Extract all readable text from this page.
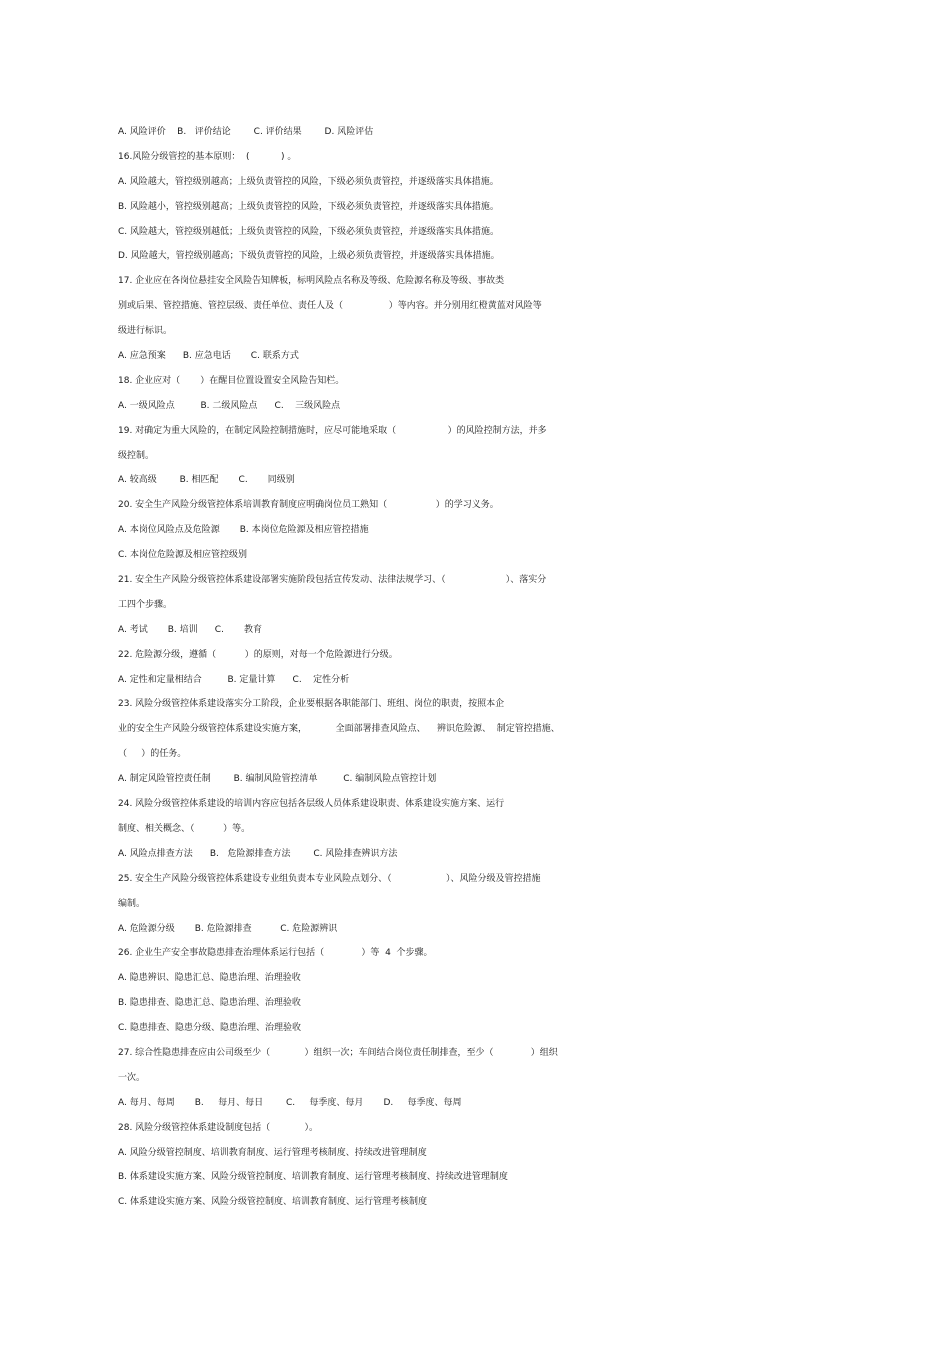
A. 风险评价    B.   评价结论        C. 评价结果        D. 风险评估
16.风险分级管控的基本原则：  (           ) 。
A. 风险越大，管控级别越高；上级负责管控的风险，下级必须负责管控，并逐级落实具体措施。
B. 风险越小，管控级别越高；上级负责管控的风险，下级必须负责管控，并逐级落实具体措施。
C. 风险越大，管控级别越低；上级负责管控的风险，下级必须负责管控，并逐级落实具体措施。
D. 风险越大，管控级别越高；下级负责管控的风险，上级必须负责管控，并逐级落实具体措施。
17. 企业应在各岗位悬挂安全风险告知牌板，标明风险点名称及等级、危险源名称及等级、事故类
别或后果、管控措施、管控层级、责任单位、责任人及（                ）等内容。并分别用红橙黄蓝对风险等
级进行标识。
A. 应急预案      B. 应急电话       C. 联系方式
18. 企业应对（       ）在醒目位置设置安全风险告知栏。
A. 一级风险点         B. 二级风险点      C.    三级风险点
19. 对确定为重大风险的，在制定风险控制措施时，应尽可能地采取（                  ）的风险控制方法，并多
级控制。
A. 较高级        B. 相匹配       C.       同级别
20. 安全生产风险分级管控体系培训教育制度应明确岗位员工熟知（                 ）的学习义务。
A. 本岗位风险点及危险源       B. 本岗位危险源及相应管控措施
C. 本岗位危险源及相应管控级别
21. 安全生产风险分级管控体系建设部署实施阶段包括宣传发动、法律法规学习、（                     ）、落实分
工四个步骤。
A. 考试       B. 培训      C.       教育
22. 危险源分级，遵循（          ）的原则，对每一个危险源进行分级。
A. 定性和定量相结合         B. 定量计算      C.    定性分析
23. 风险分级管控体系建设落实分工阶段，企业要根据各职能部门、班组、岗位的职责，按照本企
业的安全生产风险分级管控体系建设实施方案，          全面部署排查风险点、    辨识危险源、  制定管控措施、
（     ）的任务。
A. 制定风险管控责任制        B. 编制风险管控清单         C. 编制风险点管控计划
24. 风险分级管控体系建设的培训内容应包括各层级人员体系建设职责、体系建设实施方案、运行
制度、相关概念、（          ）等。
A. 风险点排查方法      B.   危险源排查方法        C. 风险排查辨识方法
25. 安全生产风险分级管控体系建设专业组负责本专业风险点划分、（                   ）、风险分级及管控措施
编制。
A. 危险源分级       B. 危险源排查          C. 危险源辨识
26. 企业生产安全事故隐患排查治理体系运行包括（             ）等  4  个步骤。
A. 隐患辨识、隐患汇总、隐患治理、治理验收
B. 隐患排查、隐患汇总、隐患治理、治理验收
C. 隐患排查、隐患分级、隐患治理、治理验收
27. 综合性隐患排查应由公司级至少（            ）组织一次；车间结合岗位责任制排查，至少（             ）组织
一次。
A. 每月、每周       B.     每月、每日        C.     每季度、每月       D.     每季度、每周
28. 风险分级管控体系建设制度包括（            ）。
A. 风险分级管控制度、培训教育制度、运行管理考核制度、持续改进管理制度
B. 体系建设实施方案、风险分级管控制度、培训教育制度、运行管理考核制度、持续改进管理制度
C. 体系建设实施方案、风险分级管控制度、培训教育制度、运行管理考核制度
